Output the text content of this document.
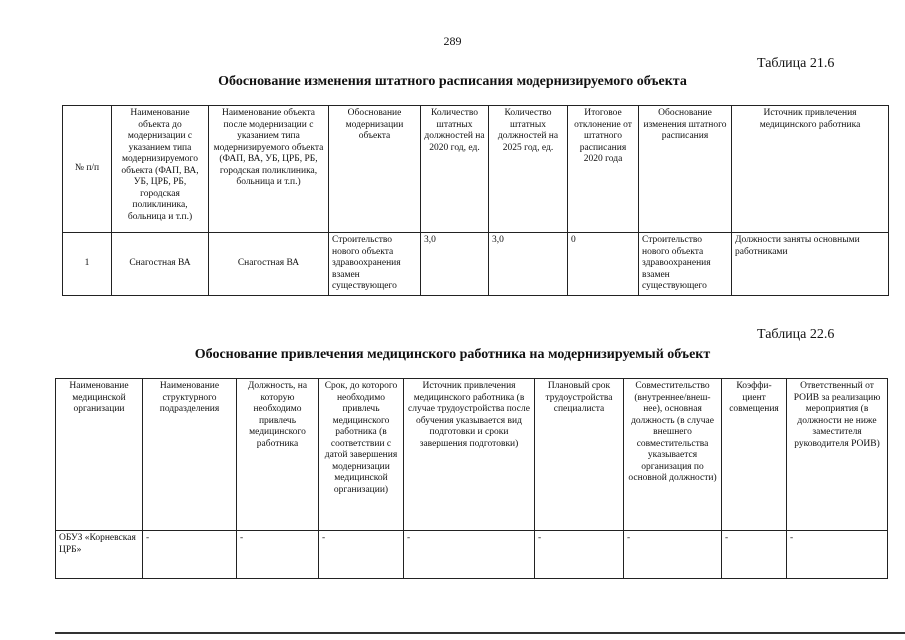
289
Таблица 21.6
Обоснование изменения штатного расписания модернизируемого объекта
№ п/п	Наименование объекта до модернизации с указанием типа модернизируемого объекта (ФАП, ВА, УБ, ЦРБ, РБ, городская поликлиника, больница и т.п.)	Наименование объекта после модернизации с указанием типа модернизируемого объекта (ФАП, ВА, УБ, ЦРБ, РБ, городская поликлиника, больница и т.п.)	Обоснование модернизации объекта	Количество штатных должностей на 2020 год, ед.	Количество штатных должностей на 2025 год, ед.	Итоговое отклонение от штатного расписания 2020 года	Обоснование изменения штатного расписания	Источник привлечения медицинского работника
1	Снагостная ВА	Снагостная ВА	Строительство нового объекта здравоохранения взамен существующего	3,0	3,0	0	Строительство нового объекта здравоохранения взамен существующего	Должности заняты основными работниками
Таблица 22.6
Обоснование привлечения медицинского работника на модернизируемый объект
Наименование медицинской организации	Наименование структурного подразделения	Должность, на которую необходимо привлечь медицинского работника	Срок, до которого необходимо привлечь медицинского работника (в соответствии с датой завершения модернизации медицинской организации)	Источник привлечения медицинского работника (в случае трудоустройства после обучения указывается вид подготовки и сроки завершения подготовки)	Плановый срок трудоустройства специалиста	Совместительство (внутреннее/внеш-нее), основная должность (в случае внешнего совместительства указывается организация по основной должности)	Коэффи-циент совмещения	Ответственный от РОИВ за реализацию мероприятия (в должности не ниже заместителя руководителя РОИВ)
ОБУЗ «Корневская ЦРБ»	-	-	-	-	-	-	-	-
